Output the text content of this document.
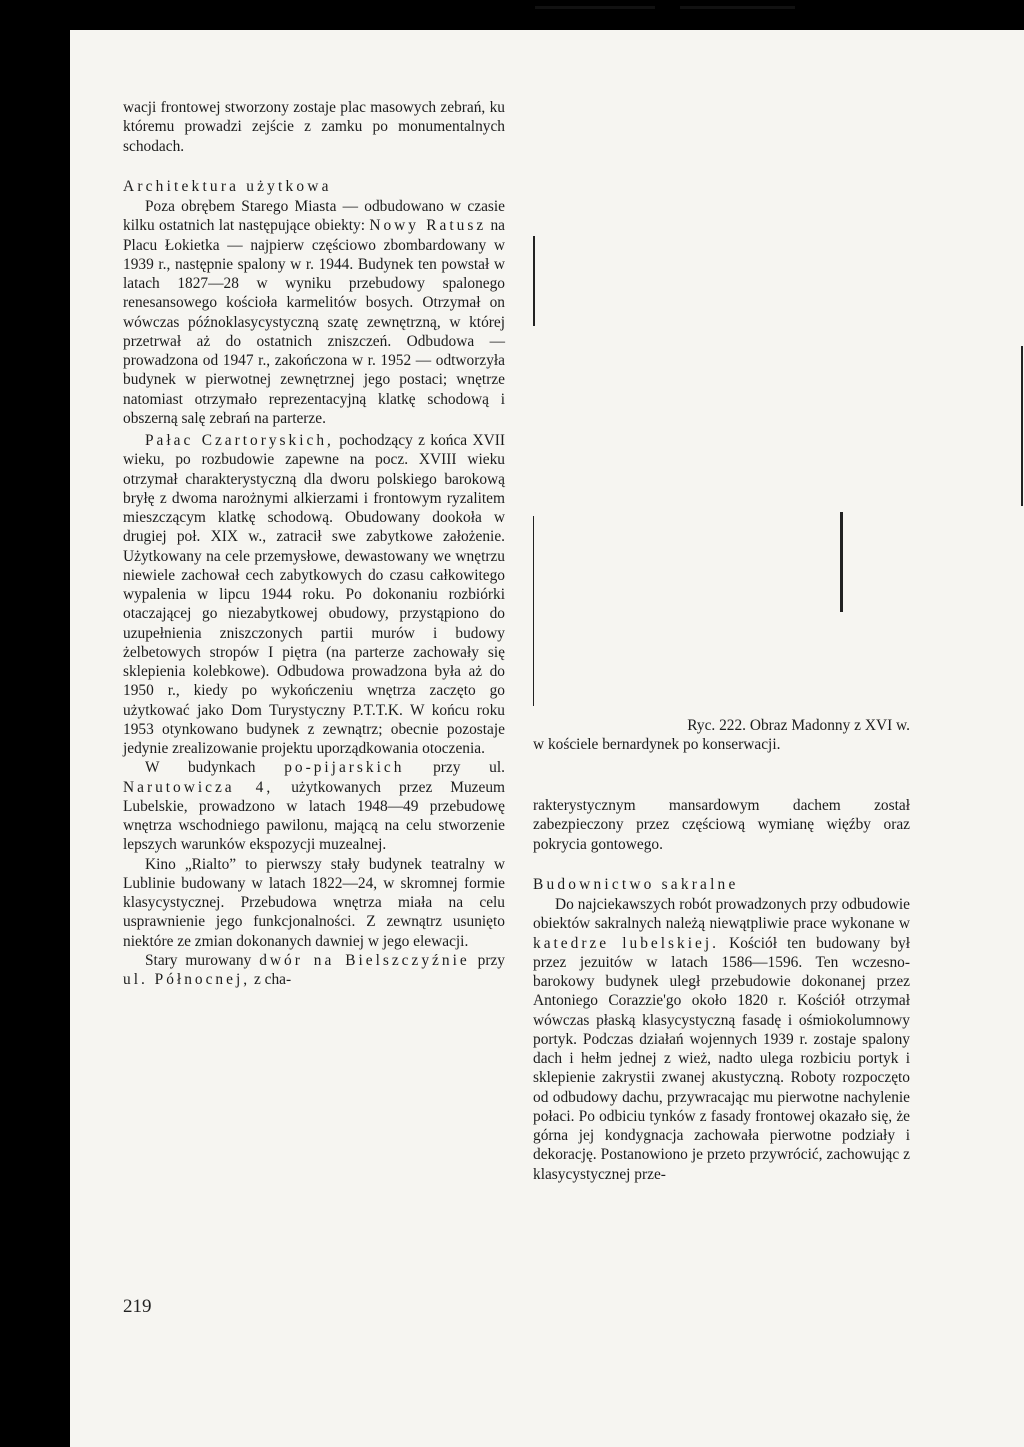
wacji frontowej stworzony zostaje plac masowych zebrań, ku któremu prowadzi zejście z zamku po monumentalnych schodach.

Architektura użytkowa

Poza obrębem Starego Miasta — odbudowano w czasie kilku ostatnich lat następujące obiekty: Nowy Ratusz na Placu Łokietka — najpierw częściowo zbombardowany w 1939 r., następnie spalony w r. 1944. Budynek ten powstał w latach 1827—28 w wyniku przebudowy spalonego renesansowego kościoła karmelitów bosych. Otrzymał on wówczas późnoklasycystyczną szatę zewnętrzną, w której przetrwał aż do ostatnich zniszczeń. Odbudowa — prowadzona od 1947 r., zakończona w r. 1952 — odtworzyła budynek w pierwotnej zewnętrznej jego postaci; wnętrze natomiast otrzymało reprezentacyjną klatkę schodową i obszerną salę zebrań na parterze.

Pałac Czartoryskich, pochodzący z końca XVII wieku, po rozbudowie zapewne na pocz. XVIII wieku otrzymał charakterystyczną dla dworu polskiego barokową bryłę z dwoma narożnymi alkierzami i frontowym ryzalitem mieszczącym klatkę schodową. Obudowany dookoła w drugiej poł. XIX w., zatracił swe zabytkowe założenie. Użytkowany na cele przemysłowe, dewastowany we wnętrzu niewiele zachował cech zabytkowych do czasu całkowitego wypalenia w lipcu 1944 roku. Po dokonaniu rozbiórki otaczającej go niezabytkowej obudowy, przystąpiono do uzupełnienia zniszczonych partii murów i budowy żelbetowych stropów I piętra (na parterze zachowały się sklepienia kolebkowe). Odbudowa prowadzona była aż do 1950 r., kiedy po wykończeniu wnętrza zaczęto go użytkować jako Dom Turystyczny P.T.T.K. W końcu roku 1953 otynkowano budynek z zewnątrz; obecnie pozostaje jedynie zrealizowanie projektu uporządkowania otoczenia.

W budynkach po-pijarskich przy ul. Narutowicza 4, użytkowanych przez Muzeum Lubelskie, prowadzono w latach 1948—49 przebudowę wnętrza wschodniego pawilonu, mającą na celu stworzenie lepszych warunków ekspozycji muzealnej.

Kino „Rialto” to pierwszy stały budynek teatralny w Lublinie budowany w latach 1822—24, w skromnej formie klasycystycznej. Przebudowa wnętrza miała na celu usprawnienie jego funkcjonalności. Z zewnątrz usunięto niektóre ze zmian dokonanych dawniej w jego elewacji.

Stary murowany dwór na Bielszczyźnie przy ul. Północnej, z cha-

Ryc. 222. Obraz Madonny z XVI w.
w kościele bernardynek po konserwacji.

rakterystycznym mansardowym dachem został zabezpieczony przez częściową wymianę więźby oraz pokrycia gontowego.

Budownictwo sakralne

Do najciekawszych robót prowadzonych przy odbudowie obiektów sakralnych należą niewątpliwie prace wykonane w katedrze lubelskiej. Kościół ten budowany był przez jezuitów w latach 1586—1596. Ten wczesno-barokowy budynek uległ przebudowie dokonanej przez Antoniego Corazzie'go około 1820 r. Kościół otrzymał wówczas płaską klasycystyczną fasadę i ośmiokolumnowy portyk. Podczas działań wojennych 1939 r. zostaje spalony dach i hełm jednej z wież, nadto ulega rozbiciu portyk i sklepienie zakrystii zwanej akustyczną. Roboty rozpoczęto od odbudowy dachu, przywracając mu pierwotne nachylenie połaci. Po odbiciu tynków z fasady frontowej okazało się, że górna jej kondygnacja zachowała pierwotne podziały i dekorację. Postanowiono je przeto przywrócić, zachowując z klasycystycznej prze-

219
